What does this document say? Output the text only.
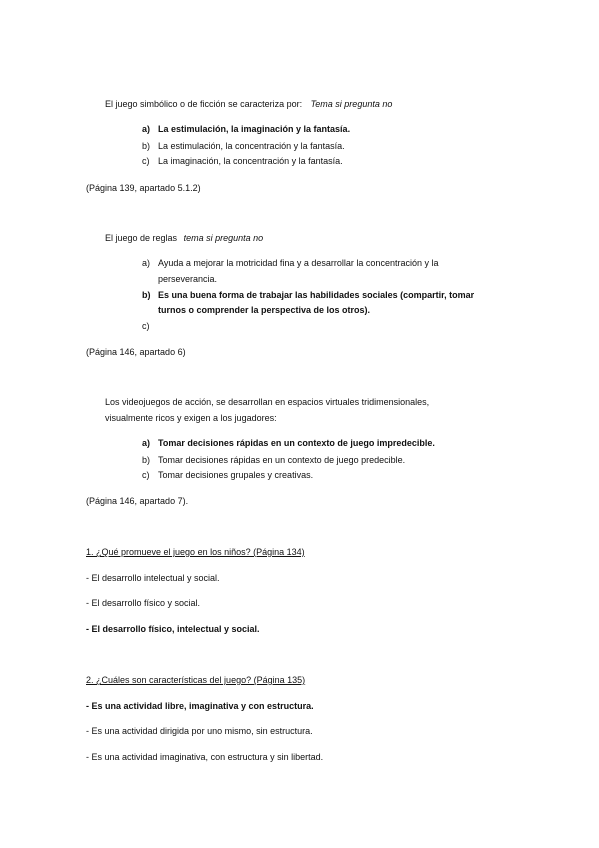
El juego simbólico o de ficción se caracteriza por: Tema si pregunta no
a) La estimulación, la imaginación y la fantasía.
b) La estimulación, la concentración y la fantasía.
c) La imaginación, la concentración y la fantasía.
(Página 139, apartado 5.1.2)
El juego de reglas tema si pregunta no
a) Ayuda a mejorar la motricidad fina y a desarrollar la concentración y la
perseverancia.
b) Es una buena forma de trabajar las habilidades sociales (compartir, tomar
turnos o comprender la perspectiva de los otros).
c)
(Página 146, apartado 6)
Los videojuegos de acción, se desarrollan en espacios virtuales tridimensionales,
visualmente ricos y exigen a los jugadores:
a) Tomar decisiones rápidas en un contexto de juego impredecible.
b) Tomar decisiones rápidas en un contexto de juego predecible.
c) Tomar decisiones grupales y creativas.
(Página 146, apartado 7).
1. ¿Qué promueve el juego en los niños? (Página 134)
- El desarrollo intelectual y social.
- El desarrollo físico y social.
- El desarrollo físico, intelectual y social.
2. ¿Cuáles son características del juego? (Página 135)
- Es una actividad libre, imaginativa y con estructura.
- Es una actividad dirigida por uno mismo, sin estructura.
- Es una actividad imaginativa, con estructura y sin libertad.
